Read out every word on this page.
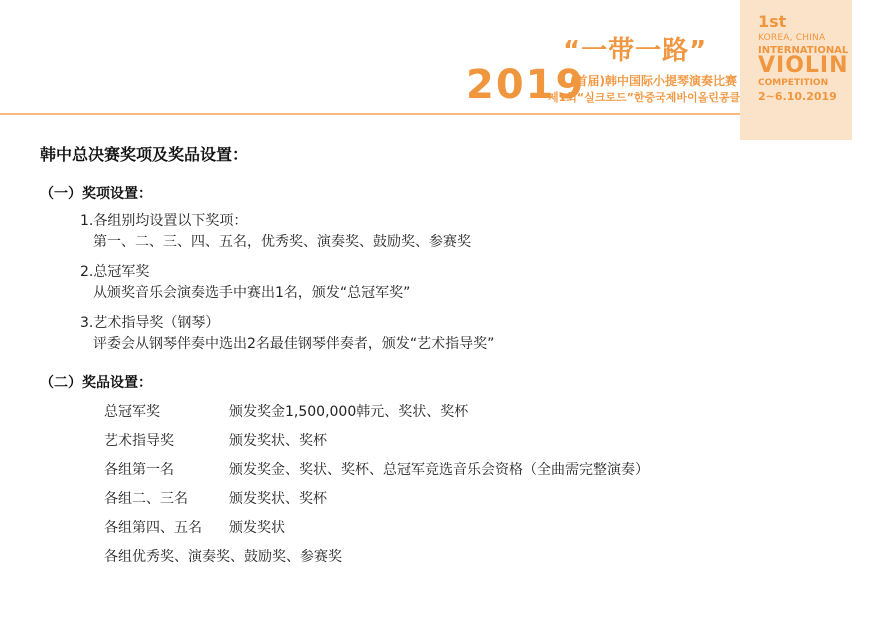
“一带一路”
2019
(首届)韩中国际小提琴演奏比赛
제1회“실크로드”한중국제바이올린콩클
1st
KOREA, CHINA
INTERNATIONAL
VIOLIN
COMPETITION
2~6.10.2019
韩中总决赛奖项及奖品设置：
（一）奖项设置：
1.各组别均设置以下奖项：
第一、二、三、四、五名，优秀奖、演奏奖、鼓励奖、参赛奖
2.总冠军奖
从颁奖音乐会演奏选手中赛出1名，颁发“总冠军奖”
3.艺术指导奖（钢琴）
评委会从钢琴伴奏中选出2名最佳钢琴伴奏者，颁发“艺术指导奖”
（二）奖品设置：
总冠军奖	颁发奖金1,500,000韩元、奖状、奖杯
艺术指导奖	颁发奖状、奖杯
各组第一名	颁发奖金、奖状、奖杯、总冠军竞选音乐会资格（全曲需完整演奏）
各组二、三名	颁发奖状、奖杯
各组第四、五名 颁发奖状
各组优秀奖、演奏奖、鼓励奖、参赛奖
